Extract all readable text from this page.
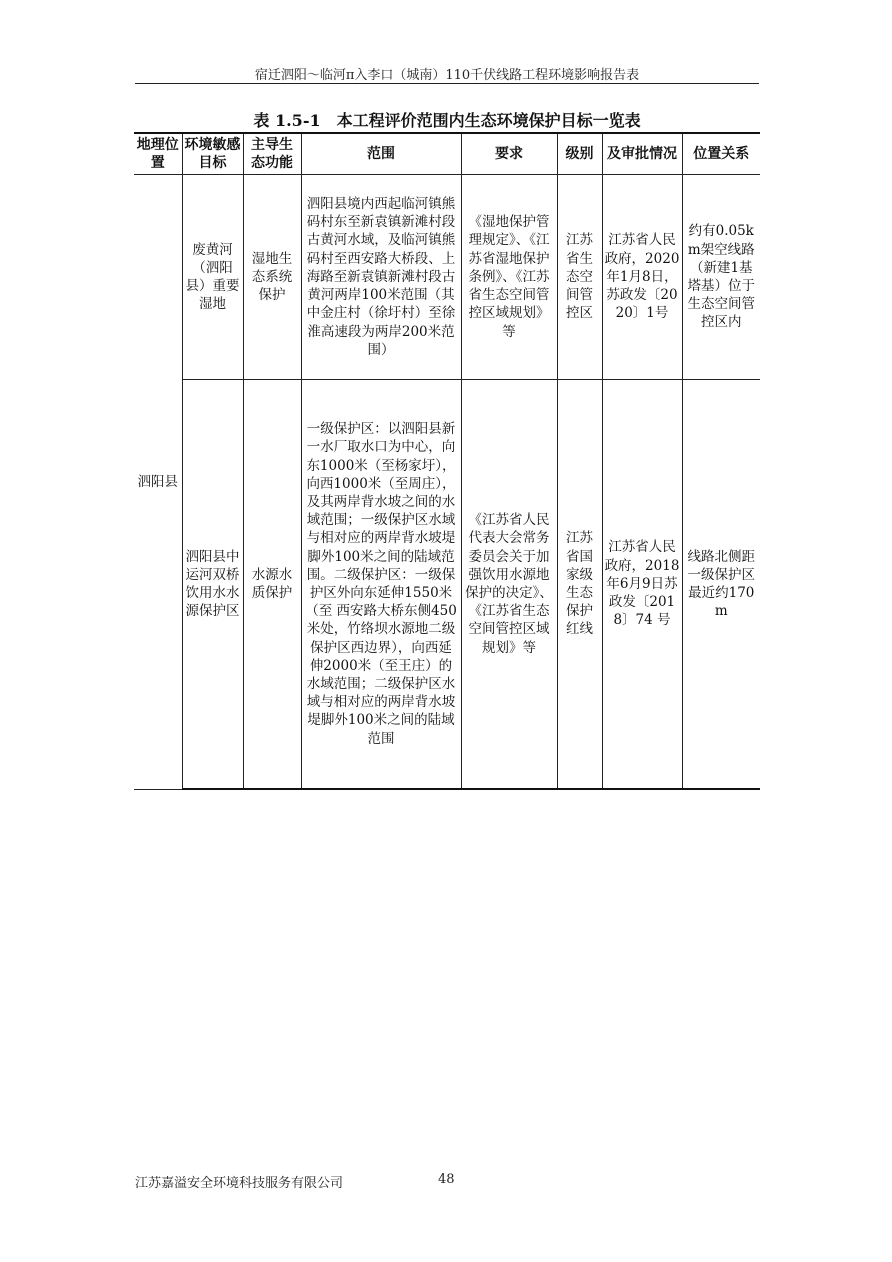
宿迁泗阳～临河π入李口（城南）110千伏线路工程环境影响报告表
表 1.5-1　本工程评价范围内生态环境保护目标一览表
地理位置	环境敏感目标	主导生态功能	范围	要求	级别	及审批情况	位置关系
泗阳县	废黄河（泗阳县）重要湿地	湿地生态系统保护	泗阳县境内西起临河镇熊码村东至新袁镇新滩村段古黄河水域，及临河镇熊码村至西安路大桥段、上海路至新袁镇新滩村段古黄河两岸100米范围（其中金庄村（徐圩村）至徐淮高速段为两岸200米范围）	《湿地保护管理规定》、《江苏省湿地保护条例》、《江苏省生态空间管控区域规划》等	江苏省生态空间管控区	江苏省人民政府，2020年1月8日，苏政发〔2020〕1号	约有0.05km架空线路（新建1基塔基）位于生态空间管控区内
	泗阳县中运河双桥饮用水水源保护区	水源水质保护	一级保护区：以泗阳县新一水厂取水口为中心，向东1000米（至杨家圩），向西1000米（至周庄），及其两岸背水坡之间的水域范围；一级保护区水域与相对应的两岸背水坡堤脚外100米之间的陆域范围。二级保护区：一级保护区外向东延伸1550米（至 西安路大桥东侧450米处，竹络坝水源地二级保护区西边界），向西延伸2000米（至王庄）的水域范围；二级保护区水域与相对应的两岸背水坡堤脚外100米之间的陆域范围	《江苏省人民代表大会常务委员会关于加强饮用水源地保护的决定》、《江苏省生态空间管控区域规划》等	江苏省国家级生态保护红线	江苏省人民政府，2018年6月9日苏政发〔2018〕74 号	线路北侧距一级保护区最近约170m
江苏嘉溢安全环境科技服务有限公司	48
